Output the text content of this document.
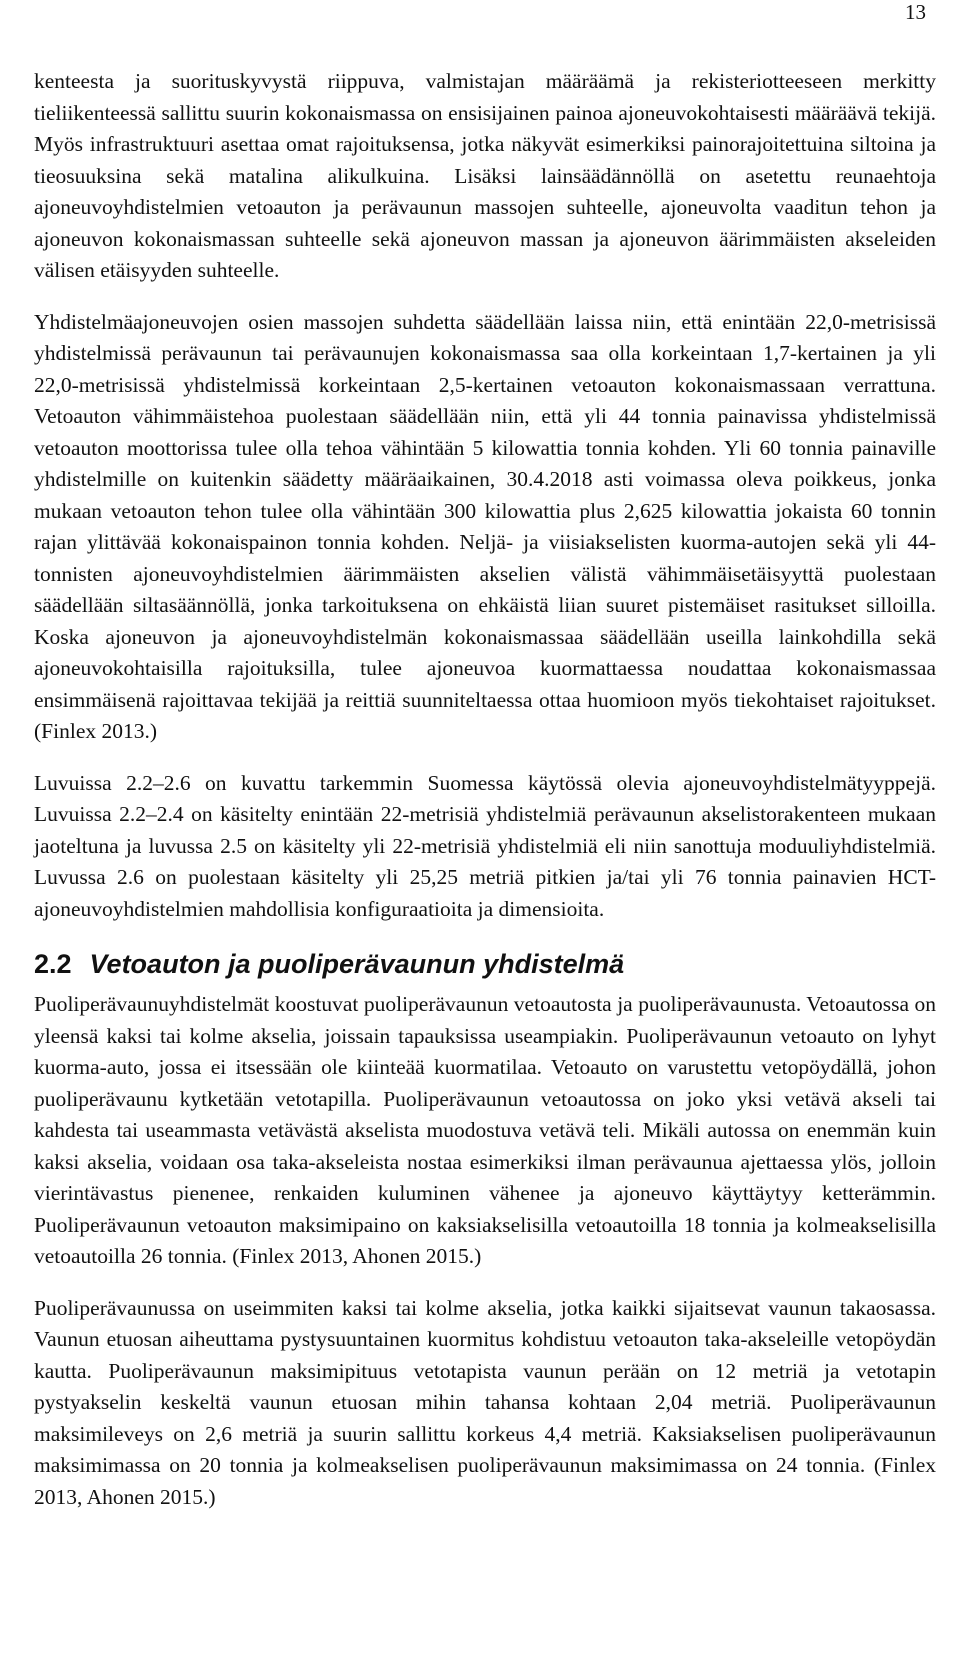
13

kenteesta ja suorituskyvystä riippuva, valmistajan määräämä ja rekisteriotteeseen merkitty tieliikenteessä sallittu suurin kokonaismassa on ensisijainen painoa ajoneuvokohtaisesti määräävä tekijä. Myös infrastruktuuri asettaa omat rajoituksensa, jotka näkyvät esimerkiksi painorajoitettuina siltoina ja tieosuuksina sekä matalina alikulkuina. Lisäksi lainsäädännöllä on asetettu reunaehtoja ajoneuvoyhdistelmien vetoauton ja perävaunun massojen suhteelle, ajoneuvolta vaaditun tehon ja ajoneuvon kokonaismassan suhteelle sekä ajoneuvon massan ja ajoneuvon äärimmäisten akseleiden välisen etäisyyden suhteelle.

Yhdistelmäajoneuvojen osien massojen suhdetta säädellään laissa niin, että enintään 22,0-metrisissä yhdistelmissä perävaunun tai perävaunujen kokonaismassa saa olla korkeintaan 1,7-kertainen ja yli 22,0-metrisissä yhdistelmissä korkeintaan 2,5-kertainen vetoauton kokonaismassaan verrattuna. Vetoauton vähimmäistehoa puolestaan säädellään niin, että yli 44 tonnia painavissa yhdistelmissä vetoauton moottorissa tulee olla tehoa vähintään 5 kilowattia tonnia kohden. Yli 60 tonnia painaville yhdistelmille on kuitenkin säädetty määräaikainen, 30.4.2018 asti voimassa oleva poikkeus, jonka mukaan vetoauton tehon tulee olla vähintään 300 kilowattia plus 2,625 kilowattia jokaista 60 tonnin rajan ylittävää kokonaispainon tonnia kohden. Neljä- ja viisiakselisten kuorma-autojen sekä yli 44-tonnisten ajoneuvoyhdistelmien äärimmäisten akselien välistä vähimmäisetäisyyttä puolestaan säädellään siltasäännöllä, jonka tarkoituksena on ehkäistä liian suuret pistemäiset rasitukset silloilla. Koska ajoneuvon ja ajoneuvoyhdistelmän kokonaismassaa säädellään useilla lainkohdilla sekä ajoneuvokohtaisilla rajoituksilla, tulee ajoneuvoa kuormattaessa noudattaa kokonaismassaa ensimmäisenä rajoittavaa tekijää ja reittiä suunniteltaessa ottaa huomioon myös tiekohtaiset rajoitukset. (Finlex 2013.)

Luvuissa 2.2–2.6 on kuvattu tarkemmin Suomessa käytössä olevia ajoneuvoyhdistelmätyyppejä. Luvuissa 2.2–2.4 on käsitelty enintään 22-metrisiä yhdistelmiä perävaunun akselistorakenteen mukaan jaoteltuna ja luvussa 2.5 on käsitelty yli 22-metrisiä yhdistelmiä eli niin sanottuja moduuliyhdistelmiä. Luvussa 2.6 on puolestaan käsitelty yli 25,25 metriä pitkien ja/tai yli 76 tonnia painavien HCT-ajoneuvoyhdistelmien mahdollisia konfiguraatioita ja dimensioita.

2.2 Vetoauton ja puoliperävaunun yhdistelmä

Puoliperävaunuyhdistelmät koostuvat puoliperävaunun vetoautosta ja puoliperävaunusta. Vetoautossa on yleensä kaksi tai kolme akselia, joissain tapauksissa useampiakin. Puoliperävaunun vetoauto on lyhyt kuorma-auto, jossa ei itsessään ole kiinteää kuormatilaa. Vetoauto on varustettu vetopöydällä, johon puoliperävaunu kytketään vetotapilla. Puoliperävaunun vetoautossa on joko yksi vetävä akseli tai kahdesta tai useammasta vetävästä akselista muodostuva vetävä teli. Mikäli autossa on enemmän kuin kaksi akselia, voidaan osa taka-akseleista nostaa esimerkiksi ilman perävaunua ajettaessa ylös, jolloin vierintävastus pienenee, renkaiden kuluminen vähenee ja ajoneuvo käyttäytyy ketterämmin. Puoliperävaunun vetoauton maksimipaino on kaksiakselisilla vetoautoilla 18 tonnia ja kolmeakselisilla vetoautoilla 26 tonnia. (Finlex 2013, Ahonen 2015.)

Puoliperävaunussa on useimmiten kaksi tai kolme akselia, jotka kaikki sijaitsevat vaunun takaosassa. Vaunun etuosan aiheuttama pystysuuntainen kuormitus kohdistuu vetoauton taka-akseleille vetopöydän kautta. Puoliperävaunun maksimipituus vetotapista vaunun perään on 12 metriä ja vetotapin pystyakselin keskeltä vaunun etuosan mihin tahansa kohtaan 2,04 metriä. Puoliperävaunun maksimileveys on 2,6 metriä ja suurin sallittu korkeus 4,4 metriä. Kaksiakselisen puoliperävaunun maksimimassa on 20 tonnia ja kolmeakselisen puoliperävaunun maksimimassa on 24 tonnia. (Finlex 2013, Ahonen 2015.)
